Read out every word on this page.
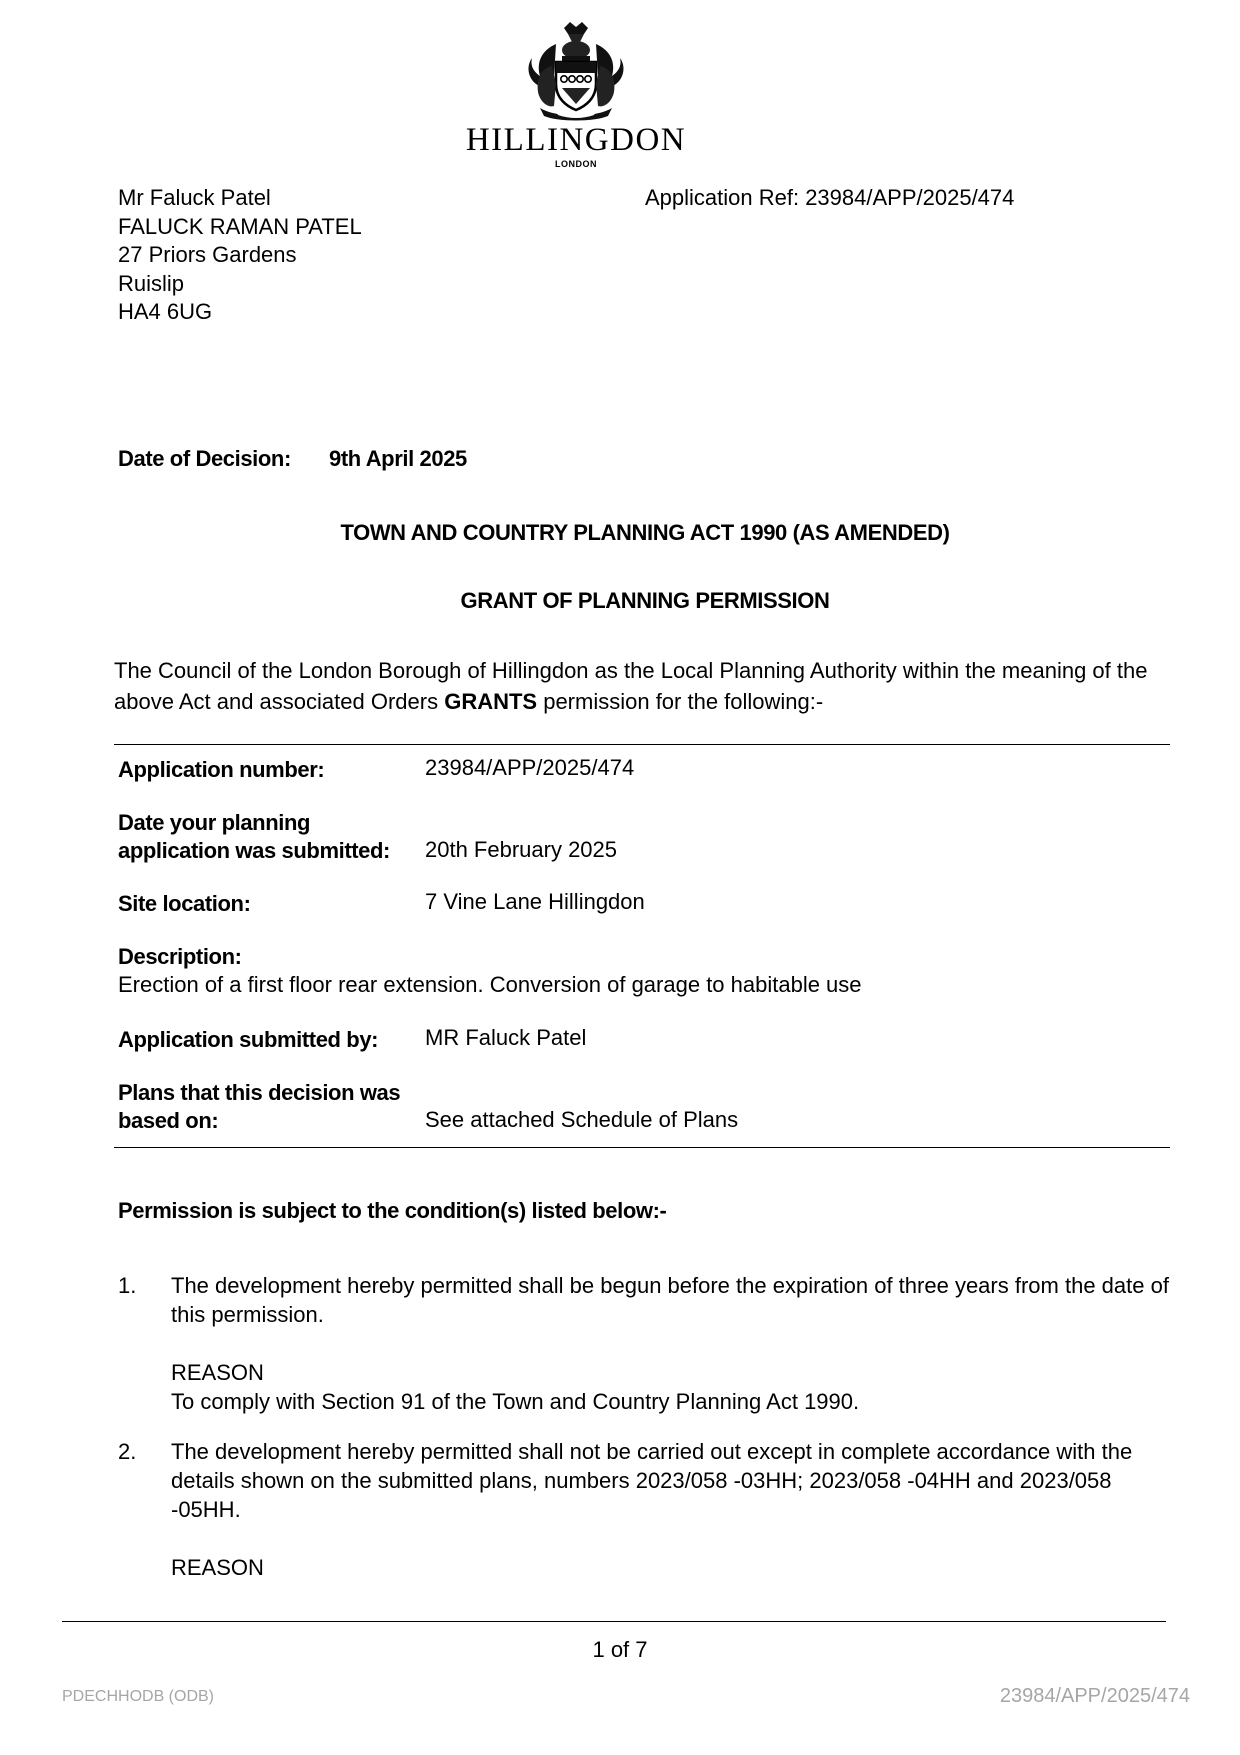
HILLINGDON
LONDON
Mr Faluck Patel
FALUCK RAMAN PATEL
27 Priors Gardens
Ruislip
HA4 6UG
Application Ref: 23984/APP/2025/474
Date of Decision: 9th April 2025
TOWN AND COUNTRY PLANNING ACT 1990 (AS AMENDED)
GRANT OF PLANNING PERMISSION
The Council of the London Borough of Hillingdon as the Local Planning Authority within the meaning of the above Act and associated Orders GRANTS permission for the following:-
Application number:	23984/APP/2025/474
Date your planning
application was submitted: 20th February 2025
Site location:	7 Vine Lane Hillingdon
Description:
Erection of a first floor rear extension. Conversion of garage to habitable use
Application submitted by: MR Faluck Patel
Plans that this decision was
based on:	See attached Schedule of Plans
Permission is subject to the condition(s) listed below:-
1. The development hereby permitted shall be begun before the expiration of three years from the date of this permission.

REASON

To comply with Section 91 of the Town and Country Planning Act 1990.

2. The development hereby permitted shall not be carried out except in complete accordance with the details shown on the submitted plans, numbers 2023/058 -03HH; 2023/058 -04HH and 2023/058 -05HH.

REASON

1 of 7
PDECHHODB (ODB)	23984/APP/2025/474
